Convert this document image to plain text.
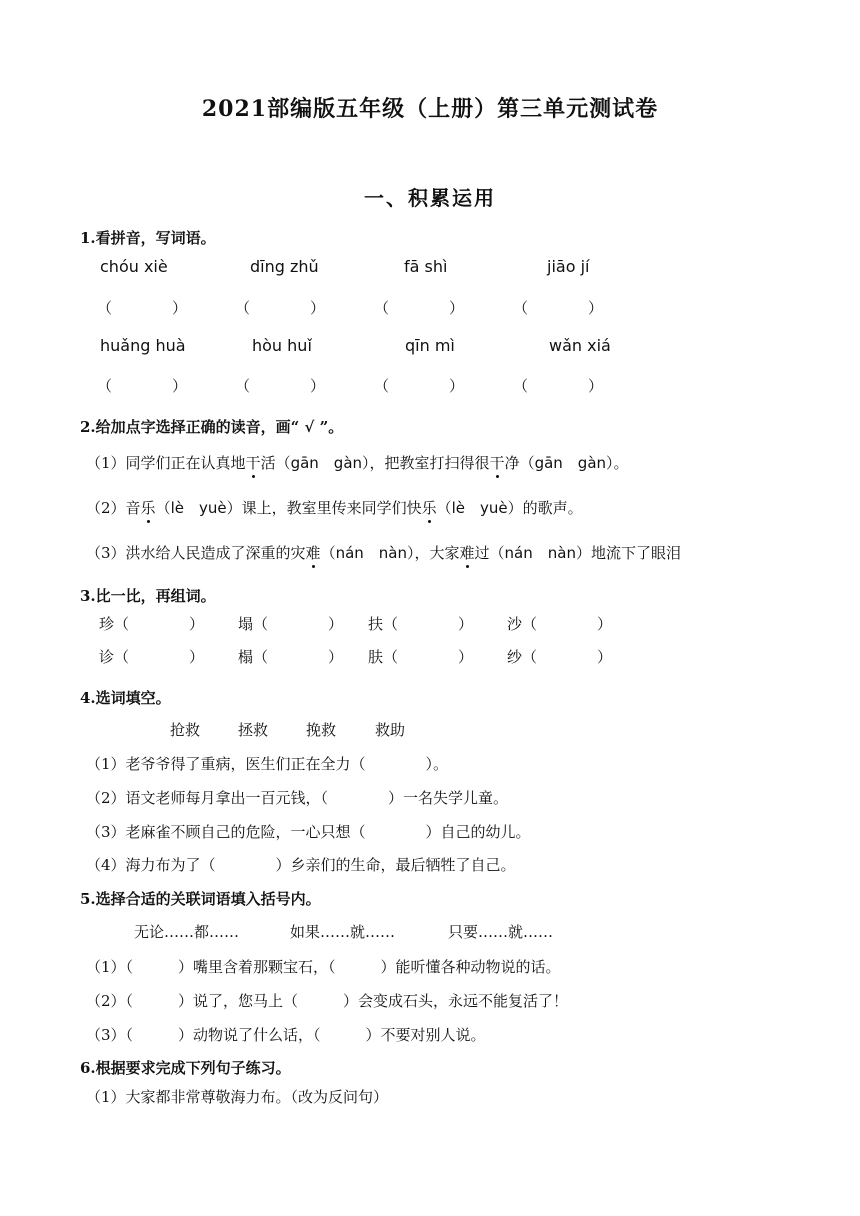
2021部编版五年级（上册）第三单元测试卷
一、积累运用
1.看拼音，写词语。
chóu xiè	dīng zhǔ	fā shì	jiāo jí
（　　　　）	（　　　　）	（　　　　）	（　　　　）
huǎng huà	hòu huǐ	qīn mì	wǎn xiá
（　　　　）	（　　　　）	（　　　　）	（　　　　）
2.给加点字选择正确的读音，画“ √ ”。
（1）同学们正在认真地干活（gān　gàn），把教室打扫得很干净（gān　gàn）。
（2）音乐（lè　yuè）课上，教室里传来同学们快乐（lè　yuè）的歌声。
（3）洪水给人民造成了深重的灾难（nán　nàn），大家难过（nán　nàn）地流下了眼泪
3.比一比，再组词。
珍（　　　　） 塌（　　　　） 扶（　　　　） 沙（　　　　）
诊（　　　　） 榻（　　　　） 肤（　　　　） 纱（　　　　）
4.选词填空。
抢救	拯救	挽救	救助
（1）老爷爷得了重病，医生们正在全力（　　　　）。
（2）语文老师每月拿出一百元钱，（　　　　）一名失学儿童。
（3）老麻雀不顾自己的危险，一心只想（　　　　）自己的幼儿。
（4）海力布为了（　　　　）乡亲们的生命，最后牺牲了自己。
5.选择合适的关联词语填入括号内。
无论……都……	如果……就……	只要……就……
（1）（　　　）嘴里含着那颗宝石，（　　　）能听懂各种动物说的话。
（2）（　　　）说了，您马上（　　　）会变成石头，永远不能复活了！
（3）（　　　）动物说了什么话，（　　　）不要对别人说。
6.根据要求完成下列句子练习。
（1）大家都非常尊敬海力布。（改为反问句）
